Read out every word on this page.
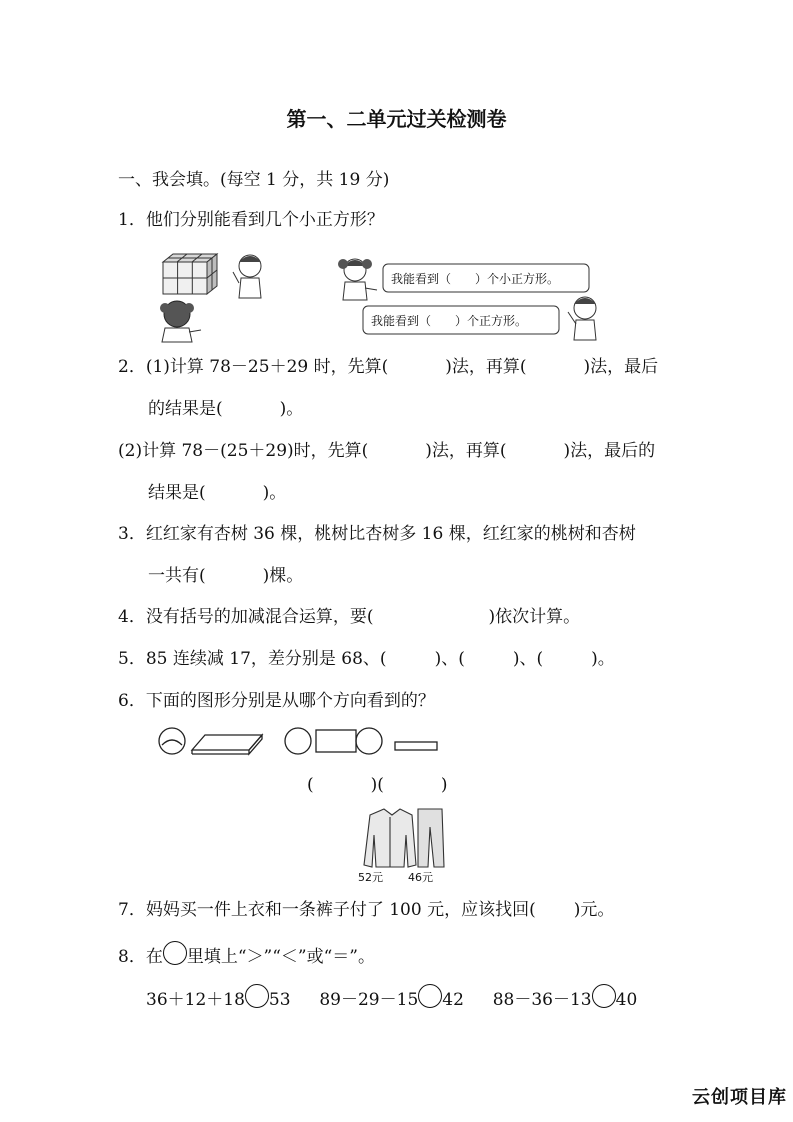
第一、二单元过关检测卷
一、我会填。(每空 1 分，共 19 分)
1．他们分别能看到几个小正方形？
我能看到（　　）个小正方形。
我能看到（　　）个正方形。
2．(1)计算 78－25＋29 时，先算(	)法，再算(	)法，最后
的结果是(	)。
(2)计算 78－(25＋29)时，先算(	)法，再算(	)法，最后的
结果是(	)。
3．红红家有杏树 36 棵，桃树比杏树多 16 棵，红红家的桃树和杏树
一共有(	)棵。
4．没有括号的加减混合运算，要(	)依次计算。
5．85 连续减 17，差分别是 68、(	)、(	)、(	)。
6．下面的图形分别是从哪个方向看到的？
(	)(	)
52元 46元
7．妈妈买一件上衣和一条裤子付了 100 元，应该找回( )元。
8．在 里填上“＞”“＜”或“＝”。
36＋12＋18 53 89－29－15 42 88－36－13 40
云创项目库
